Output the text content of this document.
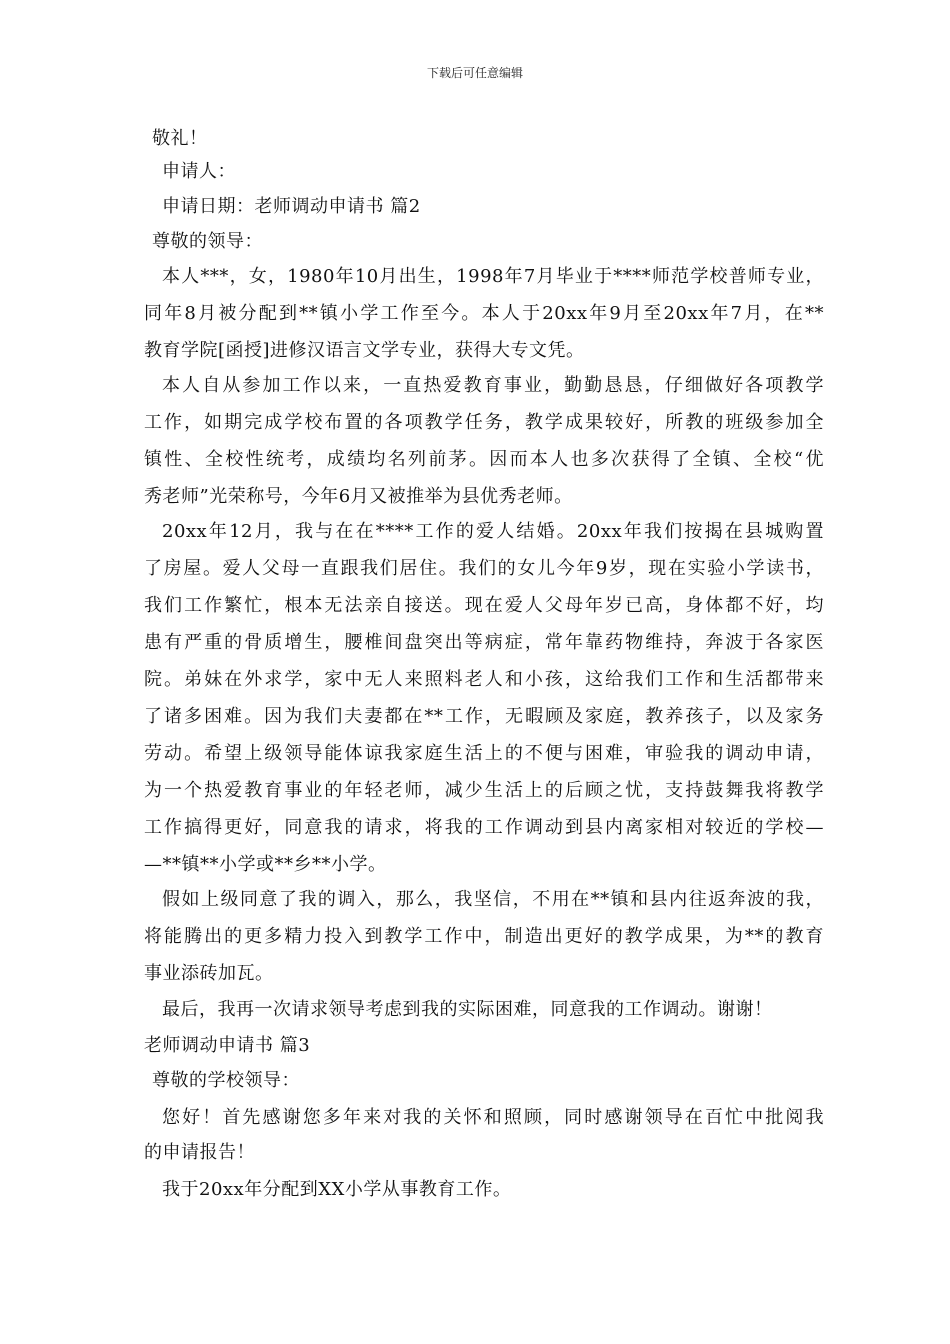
下载后可任意编辑
敬礼！
申请人：
申请日期：老师调动申请书 篇2
尊敬的领导：
本人***，女，1980年10月出生，1998年7月毕业于****师范学校普师专业，
同年8月被分配到**镇小学工作至今。本人于20xx年9月至20xx年7月，在**
教育学院[函授]进修汉语言文学专业，获得大专文凭。
本人自从参加工作以来，一直热爱教育事业，勤勤恳恳，仔细做好各项教学
工作，如期完成学校布置的各项教学任务，教学成果较好，所教的班级参加全
镇性、全校性统考，成绩均名列前茅。因而本人也多次获得了全镇、全校“优
秀老师”光荣称号，今年6月又被推举为县优秀老师。
20xx年12月，我与在在****工作的爱人结婚。20xx年我们按揭在县城购置
了房屋。爱人父母一直跟我们居住。我们的女儿今年9岁，现在实验小学读书，
我们工作繁忙，根本无法亲自接送。现在爱人父母年岁已高，身体都不好，均
患有严重的骨质增生，腰椎间盘突出等病症，常年靠药物维持，奔波于各家医
院。弟妹在外求学，家中无人来照料老人和小孩，这给我们工作和生活都带来
了诸多困难。因为我们夫妻都在**工作，无暇顾及家庭，教养孩子，以及家务
劳动。希望上级领导能体谅我家庭生活上的不便与困难，审验我的调动申请，
为一个热爱教育事业的年轻老师，减少生活上的后顾之忧，支持鼓舞我将教学
工作搞得更好，同意我的请求，将我的工作调动到县内离家相对较近的学校—
—**镇**小学或**乡**小学。
假如上级同意了我的调入，那么，我坚信，不用在**镇和县内往返奔波的我，
将能腾出的更多精力投入到教学工作中，制造出更好的教学成果，为**的教育
事业添砖加瓦。
最后，我再一次请求领导考虑到我的实际困难，同意我的工作调动。谢谢！
老师调动申请书 篇3
尊敬的学校领导：
您好！首先感谢您多年来对我的关怀和照顾，同时感谢领导在百忙中批阅我
的申请报告！
我于20xx年分配到XX小学从事教育工作。
